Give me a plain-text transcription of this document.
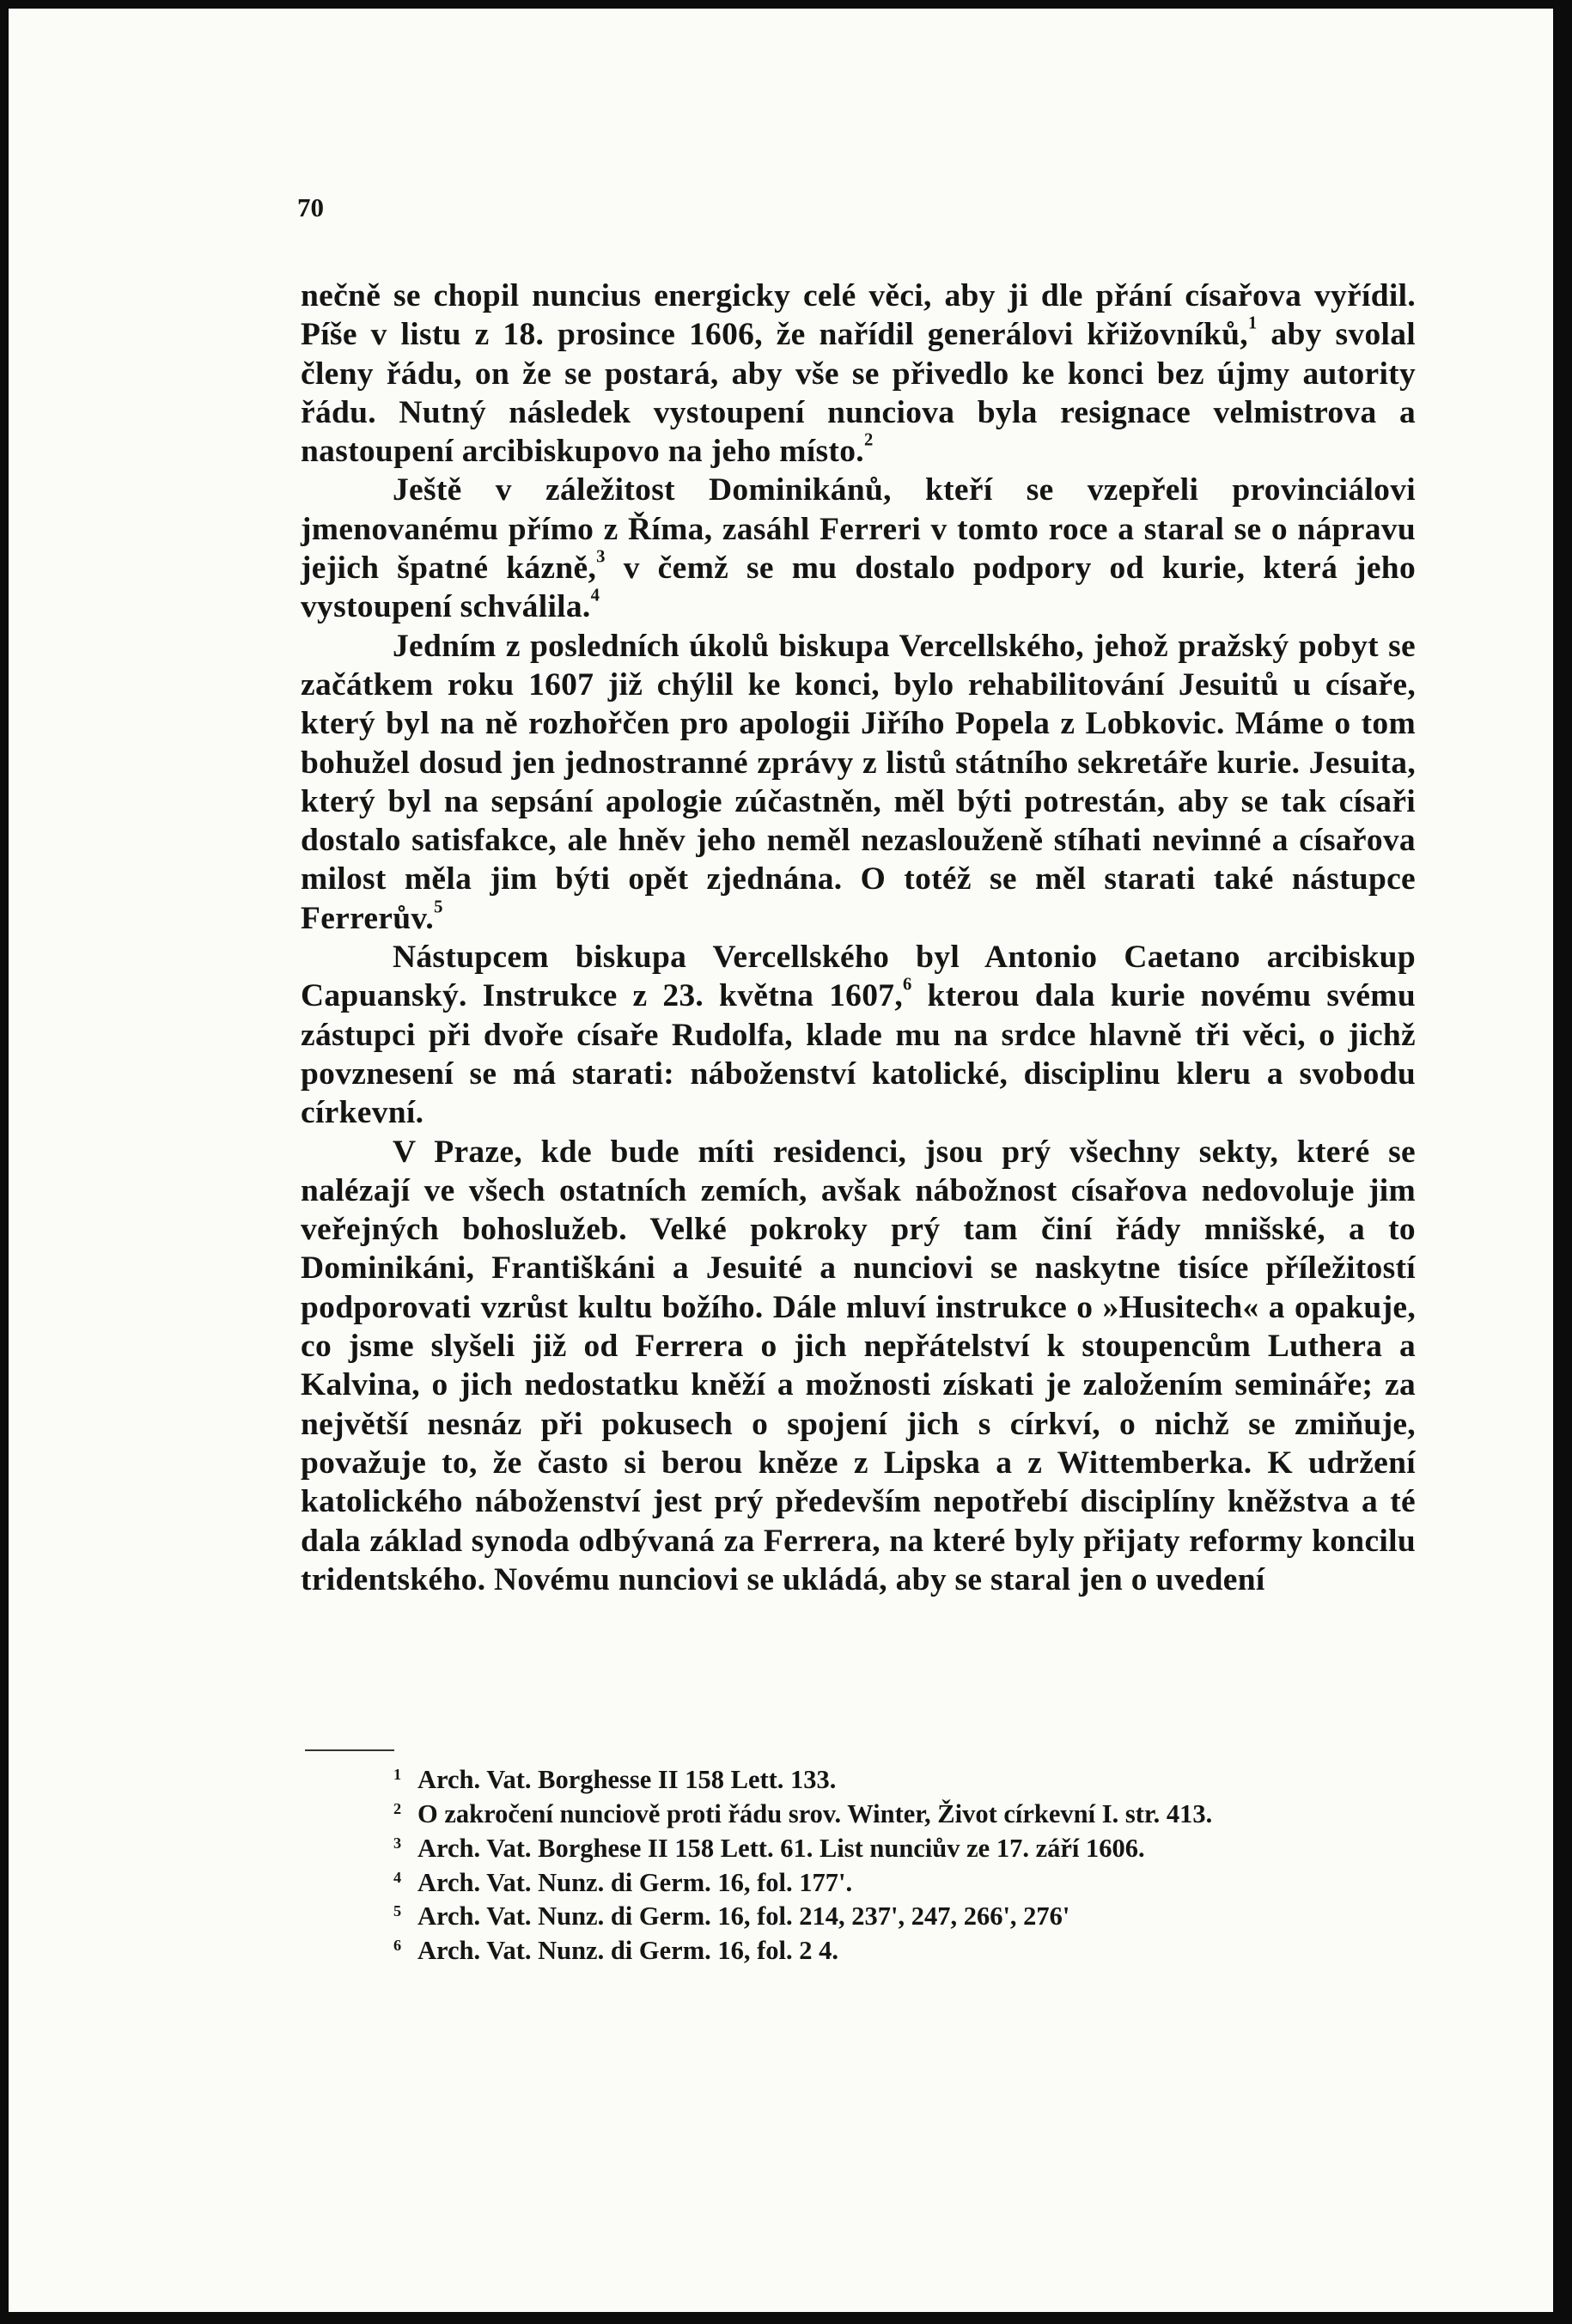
70

nečně se chopil nuncius energicky celé věci, aby ji dle přání císařova vyřídil. Píše v listu z 18. prosince 1606, že nařídil generálovi křižovníků,$^1$ aby svolal členy řádu, on že se postará, aby vše se přivedlo ke konci bez újmy autority řádu. Nutný následek vystoupení nunciova byla resignace velmistrova a nastoupení arcibiskupovo na jeho místo.$^2$

Ještě v záležitost Dominikánů, kteří se vzepřeli provinciálovi jmenovanému přímo z Říma, zasáhl Ferreri v tomto roce a staral se o nápravu jejich špatné kázně,$^3$ v čemž se mu dostalo podpory od kurie, která jeho vystoupení schválila.$^4$

Jedním z posledních úkolů biskupa Vercellského, jehož pražský pobyt se začátkem roku 1607 již chýlil ke konci, bylo rehabilitování Jesuitů u císaře, který byl na ně rozhořčen pro apologii Jiřího Popela z Lobkovic. Máme o tom bohužel dosud jen jednostranné zprávy z listů státního sekretáře kurie. Jesuita, který byl na sepsání apologie zúčastněn, měl býti potrestán, aby se tak císaři dostalo satisfakce, ale hněv jeho neměl nezaslouženě stíhati nevinné a císařova milost měla jim býti opět zjednána. O totéž se měl starati také nástupce Ferrerův.$^5$

Nástupcem biskupa Vercellského byl Antonio Caetano arcibiskup Capuanský. Instrukce z 23. května 1607,$^6$ kterou dala kurie novému svému zástupci při dvoře císaře Rudolfa, klade mu na srdce hlavně tři věci, o jichž povznesení se má starati: náboženství katolické, disciplinu kleru a svobodu církevní.

V Praze, kde bude míti residenci, jsou prý všechny sekty, které se nalézají ve všech ostatních zemích, avšak nábožnost císařova nedovoluje jim veřejných bohoslužeb. Velké pokroky prý tam činí řády mnišské, a to Dominikáni, Františkáni a Jesuité a nunciovi se naskytne tisíce příležitostí podporovati vzrůst kultu božího. Dále mluví instrukce o »Husitech« a opakuje, co jsme slyšeli již od Ferrera o jich nepřátelství k stoupencům Luthera a Kalvina, o jich nedostatku kněží a možnosti získati je založením semináře; za největší nesnáz při pokusech o spojení jich s církví, o nichž se zmiňuje, považuje to, že často si berou kněze z Lipska a z Wittemberka. K udržení katolického náboženství jest prý především nepotřebí disciplíny kněžstva a té dala základ synoda odbývaná za Ferrera, na které byly přijaty reformy koncilu tridentského. Novému nunciovi se ukládá, aby se staral jen o uvedení

1 Arch. Vat. Borghesse II 158 Lett. 133.
2 O zakročení nunciově proti řádu srov. Winter, Život církevní I. str. 413.
3 Arch. Vat. Borghese II 158 Lett. 61. List nunciův ze 17. září 1606.
4 Arch. Vat. Nunz. di Germ. 16, fol. 177'.
5 Arch. Vat. Nunz. di Germ. 16, fol. 214, 237', 247, 266', 276'
6 Arch. Vat. Nunz. di Germ. 16, fol. 2 4.
